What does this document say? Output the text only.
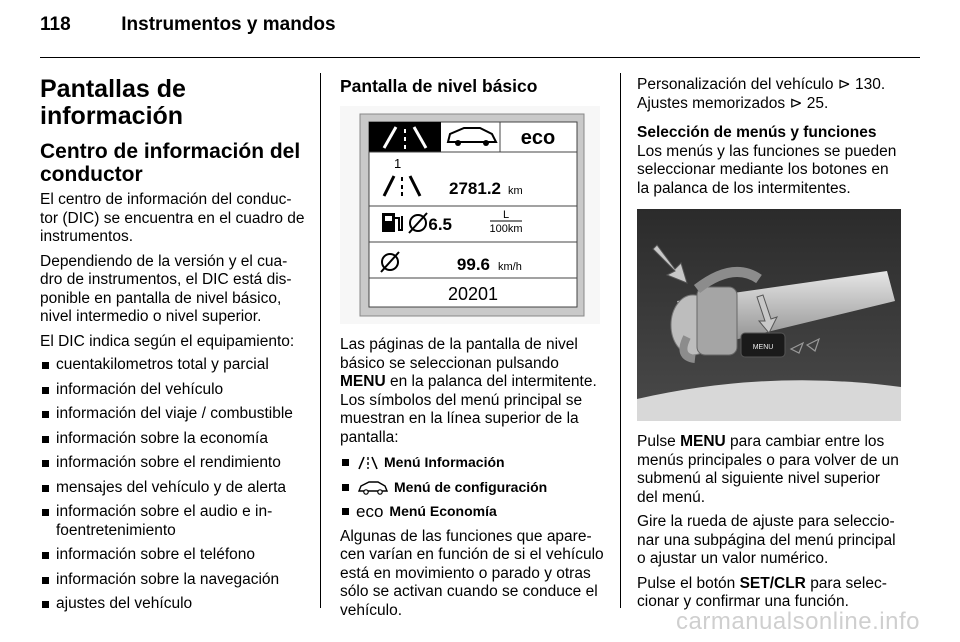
118	Instrumentos y mandos
Pantallas de información
Centro de información del conductor

El centro de información del conduc- tor (DIC) se encuentra en el cuadro de instrumentos.

Dependiendo de la versión y el cua- dro de instrumentos, el DIC está dis- ponible en pantalla de nivel básico, nivel intermedio o nivel superior.

El DIC indica según el equipamiento:

cuentakilometros total y parcial
información del vehículo
información del viaje / combustible
información sobre la economía
información sobre el rendimiento
mensajes del vehículo y de alerta
información sobre el audio e in- foentretenimiento
información sobre el teléfono
información sobre la navegación
ajustes del vehículo
Pantalla de nivel básico
eco
1
2781.2 km
6.5	L
100km
99.6 km/h
20201

Las páginas de la pantalla de nivel básico se seleccionan pulsando MENU en la palanca del intermitente. Los símbolos del menú principal se muestran en la línea superior de la pantalla:

Menú Información
Menú de configuración
eco Menú Economía

Algunas de las funciones que apare- cen varían en función de si el vehículo está en movimiento o parado y otras sólo se activan cuando se conduce el vehículo.

Personalización del vehículo ⊳ 130.

Ajustes memorizados ⊳ 25.

Selección de menús y funciones

Los menús y las funciones se pueden seleccionar mediante los botones en la palanca de los intermitentes.

MENU

Pulse MENU para cambiar entre los menús principales o para volver de un submenú al siguiente nivel superior del menú.

Gire la rueda de ajuste para seleccio- nar una subpágina del menú principal o ajustar un valor numérico.

Pulse el botón SET/CLR para selec- cionar y confirmar una función.

carmanualsonline.info
